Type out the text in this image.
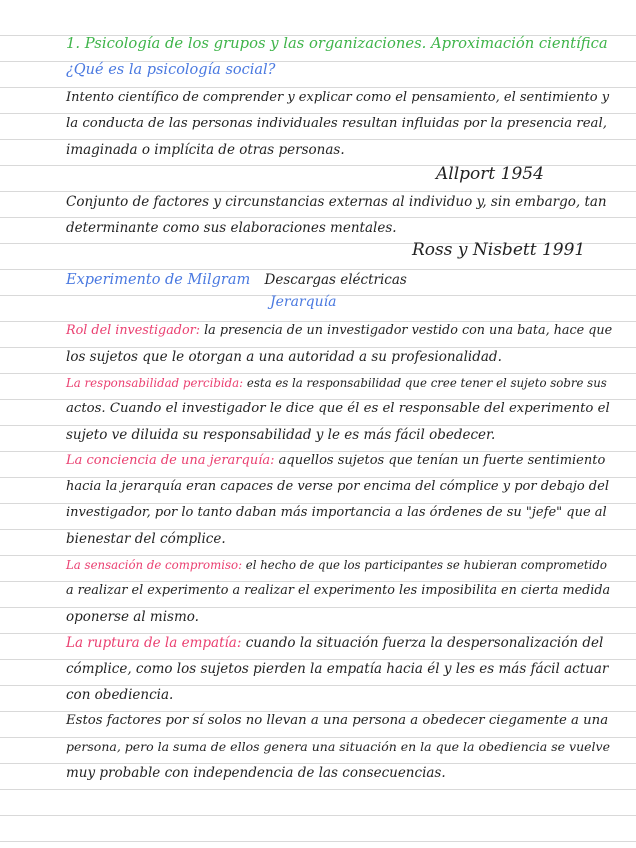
1. Psicología de los grupos y las organizaciones. Aproximación científica
¿Qué es la psicología social?
Intento científico de comprender y explicar como el pensamiento, el sentimiento y
la conducta de las personas individuales resultan influidas por la presencia real,
imaginada o implícita de otras personas.
Allport 1954
Conjunto de factores y circunstancias externas al individuo y, sin embargo, tan
determinante como sus elaboraciones mentales.
Ross y Nisbett 1991
Experimento de Milgram Descargas eléctricas
Jerarquía
Rol del investigador: la presencia de un investigador vestido con una bata, hace que
los sujetos que le otorgan a una autoridad a su profesionalidad.
La responsabilidad percibida: esta es la responsabilidad que cree tener el sujeto sobre sus
actos. Cuando el investigador le dice que él es el responsable del experimento el
sujeto ve diluida su responsabilidad y le es más fácil obedecer.
La conciencia de una jerarquía: aquellos sujetos que tenían un fuerte sentimiento
hacia la jerarquía eran capaces de verse por encima del cómplice y por debajo del
investigador, por lo tanto daban más importancia a las órdenes de su "jefe" que al
bienestar del cómplice.
La sensación de compromiso: el hecho de que los participantes se hubieran comprometido
a realizar el experimento a realizar el experimento les imposibilita en cierta medida
oponerse al mismo.
La ruptura de la empatía: cuando la situación fuerza la despersonalización del
cómplice, como los sujetos pierden la empatía hacia él y les es más fácil actuar
con obediencia.
Estos factores por sí solos no llevan a una persona a obedecer ciegamente a una
persona, pero la suma de ellos genera una situación en la que la obediencia se vuelve
muy probable con independencia de las consecuencias.
